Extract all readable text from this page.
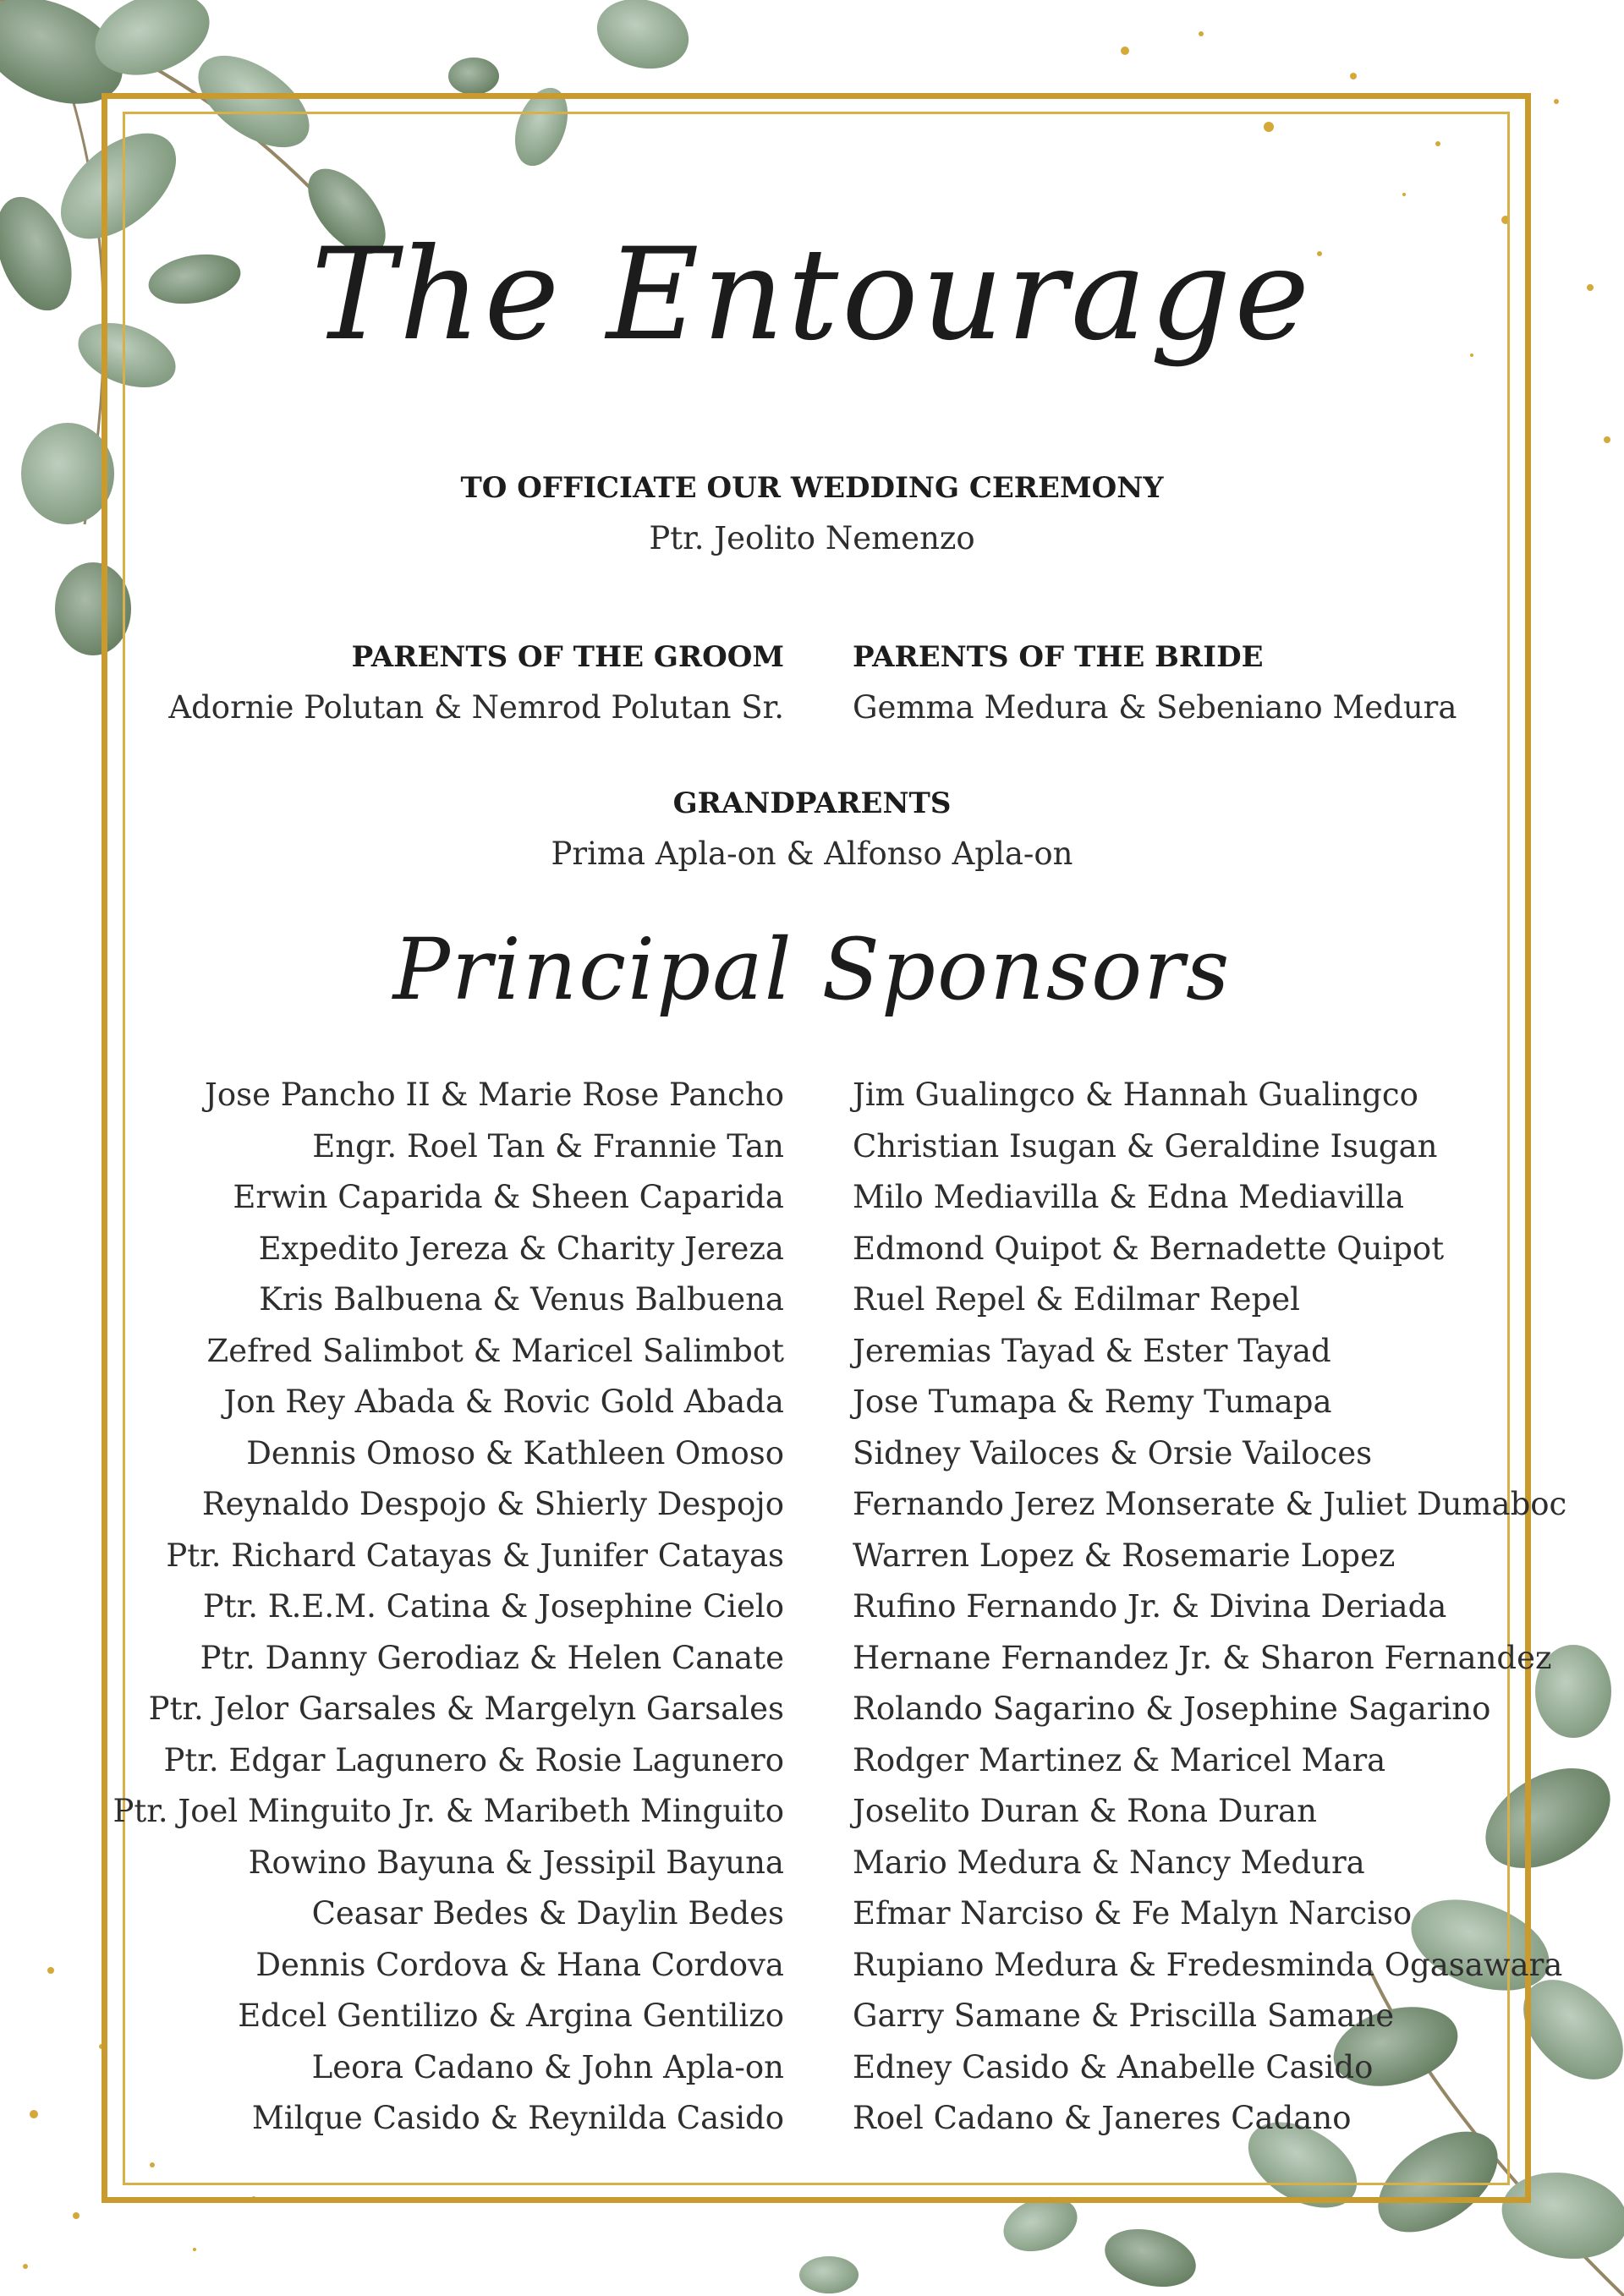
The Entourage
TO OFFICIATE OUR WEDDING CEREMONY
Ptr. Jeolito Nemenzo
PARENTS OF THE GROOM
Adornie Polutan & Nemrod Polutan Sr.
PARENTS OF THE BRIDE
Gemma Medura & Sebeniano Medura
GRANDPARENTS
Prima Apla-on & Alfonso Apla-on
Principal Sponsors
Jose Pancho II & Marie Rose Pancho
Engr. Roel Tan & Frannie Tan
Erwin Caparida & Sheen Caparida
Expedito Jereza & Charity Jereza
Kris Balbuena & Venus Balbuena
Zefred Salimbot & Maricel Salimbot
Jon Rey Abada & Rovic Gold Abada
Dennis Omoso & Kathleen Omoso
Reynaldo Despojo & Shierly Despojo
Ptr. Richard Catayas & Junifer Catayas
Ptr. R.E.M. Catina & Josephine Cielo
Ptr. Danny Gerodiaz & Helen Canate
Ptr. Jelor Garsales & Margelyn Garsales
Ptr. Edgar Lagunero & Rosie Lagunero
Ptr. Joel Minguito Jr. & Maribeth Minguito
Rowino Bayuna & Jessipil Bayuna
Ceasar Bedes & Daylin Bedes
Dennis Cordova & Hana Cordova
Edcel Gentilizo & Argina Gentilizo
Leora Cadano & John Apla-on
Milque Casido & Reynilda Casido
Jim Gualingco & Hannah Gualingco
Christian Isugan & Geraldine Isugan
Milo Mediavilla & Edna Mediavilla
Edmond Quipot & Bernadette Quipot
Ruel Repel & Edilmar Repel
Jeremias Tayad & Ester Tayad
Jose Tumapa & Remy Tumapa
Sidney Vailoces & Orsie Vailoces
Fernando Jerez Monserate & Juliet Dumaboc
Warren Lopez & Rosemarie Lopez
Rufino Fernando Jr. & Divina Deriada
Hernane Fernandez Jr. & Sharon Fernandez
Rolando Sagarino & Josephine Sagarino
Rodger Martinez & Maricel Mara
Joselito Duran & Rona Duran
Mario Medura & Nancy Medura
Efmar Narciso & Fe Malyn Narciso
Rupiano Medura & Fredesminda Ogasawara
Garry Samane & Priscilla Samane
Edney Casido & Anabelle Casido
Roel Cadano & Janeres Cadano
